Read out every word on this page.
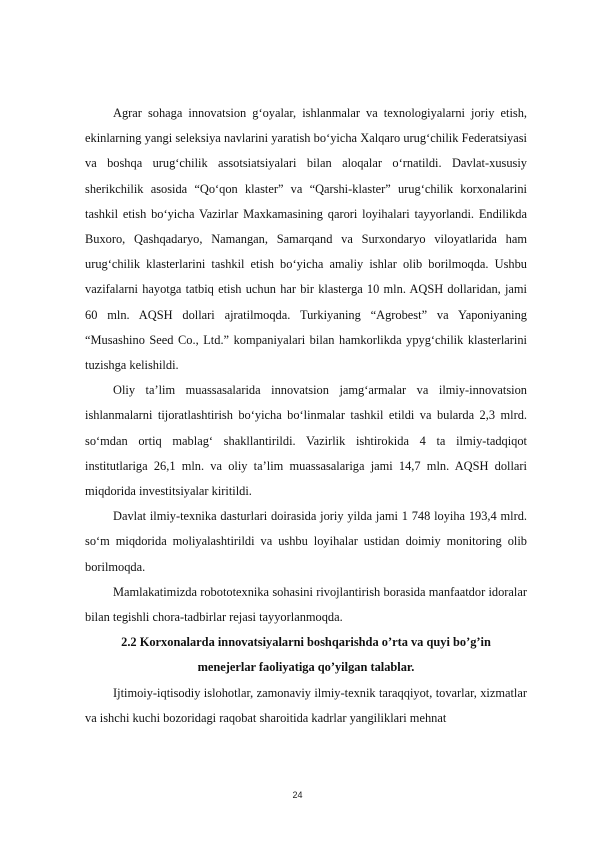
Agrar sohaga innovatsion g‘oyalar, ishlanmalar va texnologiyalarni joriy etish, ekinlarning yangi seleksiya navlarini yaratish bo‘yicha Xalqaro urug‘chilik Federatsiyasi va boshqa urug‘chilik assotsiatsiyalari bilan aloqalar o‘rnatildi. Davlat-xususiy sherikchilik asosida “Qo‘qon klaster” va “Qarshi-klaster” urug‘chilik korxonalarini tashkil etish bo‘yicha Vazirlar Maxkamasining qarori loyihalari tayyorlandi. Endilikda Buxoro, Qashqadaryo, Namangan, Samarqand va Surxondaryo viloyatlarida ham urug‘chilik klasterlarini tashkil etish bo‘yicha amaliy ishlar olib borilmoqda. Ushbu vazifalarni hayotga tatbiq etish uchun har bir klasterga 10 mln. AQSH dollaridan, jami 60 mln. AQSH dollari ajratilmoqda. Turkiyaning “Agrobest” va Yaponiyaning “Musashino Seed Co., Ltd.” kompaniyalari bilan hamkorlikda ypyg‘chilik klasterlarini tuzishga kelishildi.

Oliy ta’lim muassasalarida innovatsion jamg‘armalar va ilmiy-innovatsion ishlanmalarni tijoratlashtirish bo‘yicha bo‘linmalar tashkil etildi va bularda 2,3 mlrd. so‘mdan ortiq mablag‘ shakllantirildi. Vazirlik ishtirokida 4 ta ilmiy-tadqiqot institutlariga 26,1 mln. va oliy ta’lim muassasalariga jami 14,7 mln. AQSH dollari miqdorida investitsiyalar kiritildi.

Davlat ilmiy-texnika dasturlari doirasida joriy yilda jami 1 748 loyiha 193,4 mlrd. so‘m miqdorida moliyalashtirildi va ushbu loyihalar ustidan doimiy monitoring olib borilmoqda.

Mamlakatimizda robototexnika sohasini rivojlantirish borasida manfaatdor idoralar bilan tegishli chora-tadbirlar rejasi tayyorlanmoqda.

2.2 Korxonalarda innovatsiyalarni boshqarishda o’rta va quyi bo’g’in menejerlar faoliyatiga qo’yilgan talablar.

Ijtimoiy-iqtisodiy islohotlar, zamonaviy ilmiy-texnik taraqqiyot, tovarlar, xizmatlar va ishchi kuchi bozoridagi raqobat sharoitida kadrlar yangiliklari mehnat

24
